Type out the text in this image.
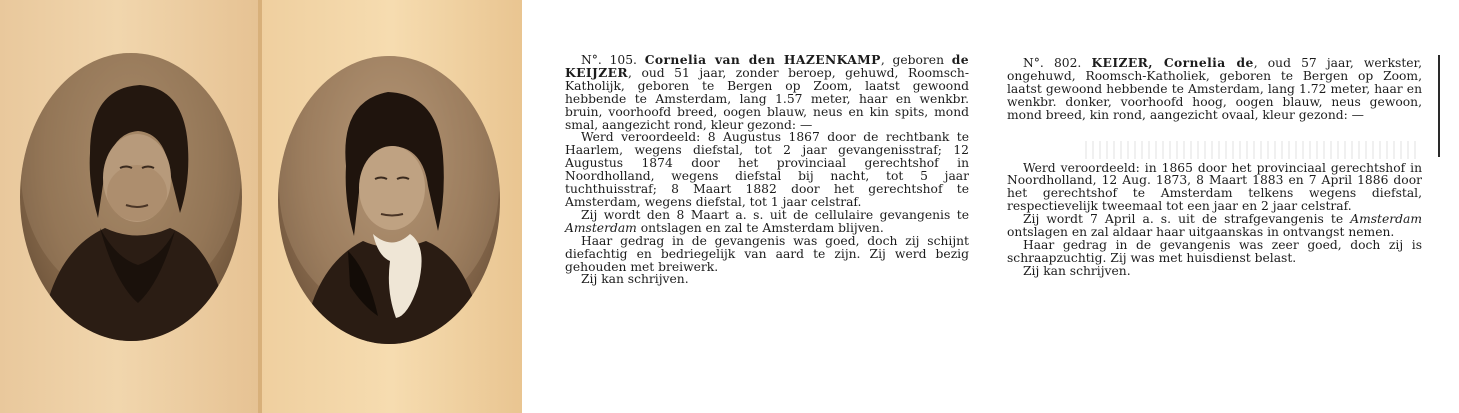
N°. 105. Cornelia van den HAZENKAMP, geboren de KEIJZER, oud 51 jaar, zonder beroep, gehuwd, Roomsch-Katholijk, geboren te Bergen op Zoom, laatst gewoond hebbende te Amsterdam, lang 1.57 meter, haar en wenkbr. bruin, voorhoofd breed, oogen blauw, neus en kin spits, mond smal, aangezicht rond, kleur gezond: —

Werd veroordeeld: 8 Augustus 1867 door de rechtbank te Haarlem, wegens diefstal, tot 2 jaar gevangenisstraf; 12 Augustus 1874 door het provinciaal gerechtshof in Noordholland, wegens diefstal bij nacht, tot 5 jaar tuchthuisstraf; 8 Maart 1882 door het gerechtshof te Amsterdam, wegens diefstal, tot 1 jaar celstraf.

Zij wordt den 8 Maart a. s. uit de cellulaire gevangenis te Amsterdam ontslagen en zal te Amsterdam blijven.

Haar gedrag in de gevangenis was goed, doch zij schijnt diefachtig en bedriegelijk van aard te zijn. Zij werd bezig gehouden met breiwerk.

Zij kan schrijven.

N°. 802. KEIZER, Cornelia de, oud 57 jaar, werkster, ongehuwd, Roomsch-Katholiek, geboren te Bergen op Zoom, laatst gewoond hebbende te Amsterdam, lang 1.72 meter, haar en wenkbr. donker, voorhoofd hoog, oogen blauw, neus gewoon, mond breed, kin rond, aangezicht ovaal, kleur gezond: —

Werd veroordeeld: in 1865 door het provinciaal gerechtshof in Noordholland, 12 Aug. 1873, 8 Maart 1883 en 7 April 1886 door het gerechtshof te Amsterdam telkens wegens diefstal, respectievelijk tweemaal tot een jaar en 2 jaar celstraf.

Zij wordt 7 April a. s. uit de strafgevangenis te Amsterdam ontslagen en zal aldaar haar uitgaanskas in ontvangst nemen.

Haar gedrag in de gevangenis was zeer goed, doch zij is schraapzuchtig. Zij was met huisdienst belast.

Zij kan schrijven.
